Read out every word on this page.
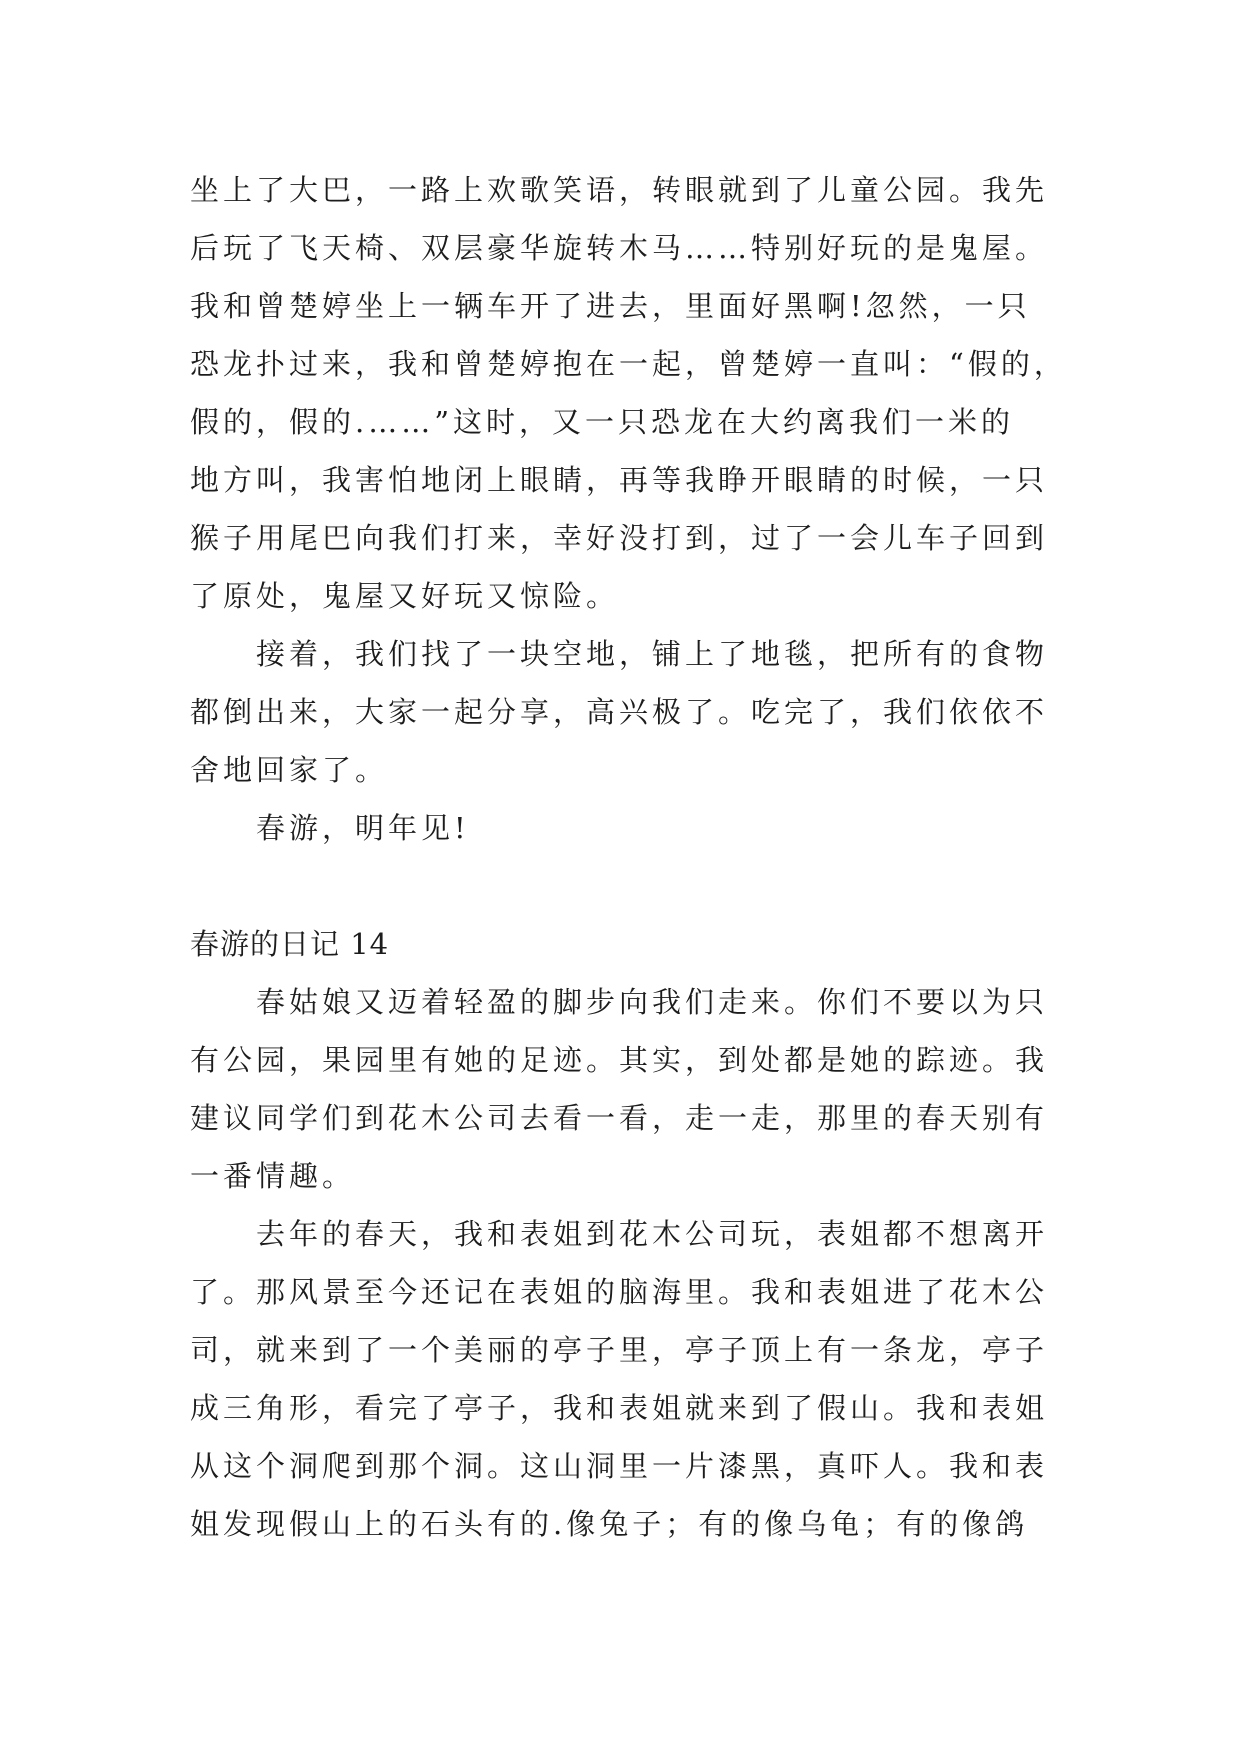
坐上了大巴，一路上欢歌笑语，转眼就到了儿童公园。我先
后玩了飞天椅、双层豪华旋转木马……特别好玩的是鬼屋。
我和曾楚婷坐上一辆车开了进去，里面好黑啊!忽然，一只
恐龙扑过来，我和曾楚婷抱在一起，曾楚婷一直叫：“假的，
假的，假的.……”这时，又一只恐龙在大约离我们一米的
地方叫，我害怕地闭上眼睛，再等我睁开眼睛的时候，一只
猴子用尾巴向我们打来，幸好没打到，过了一会儿车子回到
了原处，鬼屋又好玩又惊险。
接着，我们找了一块空地，铺上了地毯，把所有的食物
都倒出来，大家一起分享，高兴极了。吃完了，我们依依不
舍地回家了。
春游，明年见!
春游的日记 14
春姑娘又迈着轻盈的脚步向我们走来。你们不要以为只
有公园，果园里有她的足迹。其实，到处都是她的踪迹。我
建议同学们到花木公司去看一看，走一走，那里的春天别有
一番情趣。
去年的春天，我和表姐到花木公司玩，表姐都不想离开
了。那风景至今还记在表姐的脑海里。我和表姐进了花木公
司，就来到了一个美丽的亭子里，亭子顶上有一条龙，亭子
成三角形，看完了亭子，我和表姐就来到了假山。我和表姐
从这个洞爬到那个洞。这山洞里一片漆黑，真吓人。我和表
姐发现假山上的石头有的.像兔子；有的像乌龟；有的像鸽
